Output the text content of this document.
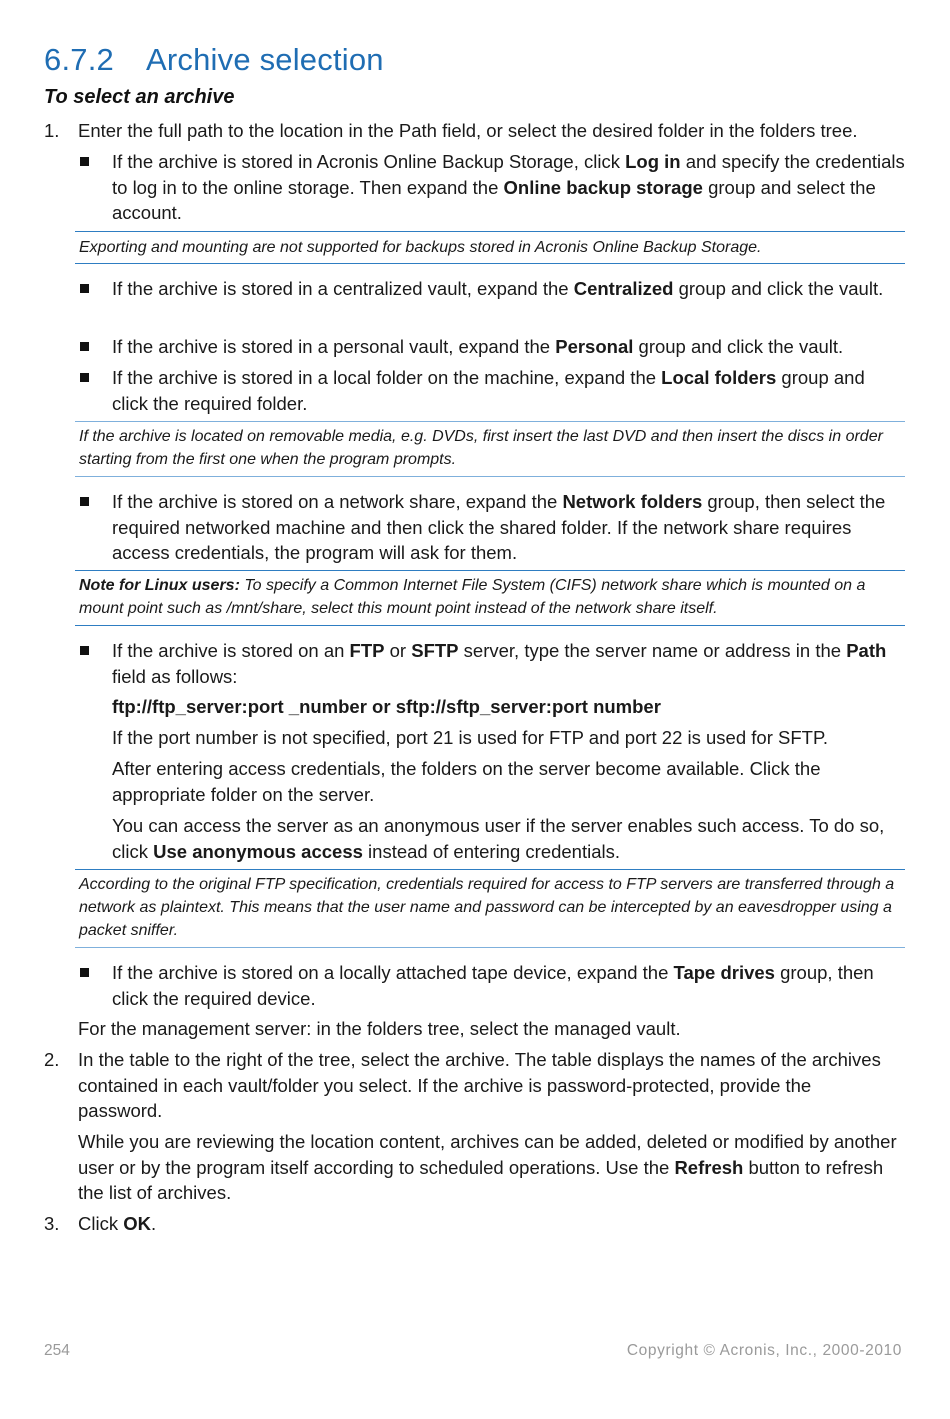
6.7.2 Archive selection
To select an archive
1. Enter the full path to the location in the Path field, or select the desired folder in the folders tree.

If the archive is stored in Acronis Online Backup Storage, click Log in and specify the credentials to log in to the online storage. Then expand the Online backup storage group and select the account.

Exporting and mounting are not supported for backups stored in Acronis Online Backup Storage.

If the archive is stored in a centralized vault, expand the Centralized group and click the vault.

If the archive is stored in a personal vault, expand the Personal group and click the vault.

If the archive is stored in a local folder on the machine, expand the Local folders group and click the required folder.

If the archive is located on removable media, e.g. DVDs, first insert the last DVD and then insert the discs in order starting from the first one when the program prompts.

If the archive is stored on a network share, expand the Network folders group, then select the required networked machine and then click the shared folder. If the network share requires access credentials, the program will ask for them.

Note for Linux users: To specify a Common Internet File System (CIFS) network share which is mounted on a mount point such as /mnt/share, select this mount point instead of the network share itself.

If the archive is stored on an FTP or SFTP server, type the server name or address in the Path field as follows:

ftp://ftp_server:port _number or sftp://sftp_server:port number

If the port number is not specified, port 21 is used for FTP and port 22 is used for SFTP.

After entering access credentials, the folders on the server become available. Click the appropriate folder on the server.

You can access the server as an anonymous user if the server enables such access. To do so, click Use anonymous access instead of entering credentials.

According to the original FTP specification, credentials required for access to FTP servers are transferred through a network as plaintext. This means that the user name and password can be intercepted by an eavesdropper using a packet sniffer.

If the archive is stored on a locally attached tape device, expand the Tape drives group, then click the required device.

For the management server: in the folders tree, select the managed vault.

2. In the table to the right of the tree, select the archive. The table displays the names of the archives contained in each vault/folder you select. If the archive is password-protected, provide the password.

While you are reviewing the location content, archives can be added, deleted or modified by another user or by the program itself according to scheduled operations. Use the Refresh button to refresh the list of archives.

3. Click OK.

254	Copyright © Acronis, Inc., 2000-2010
